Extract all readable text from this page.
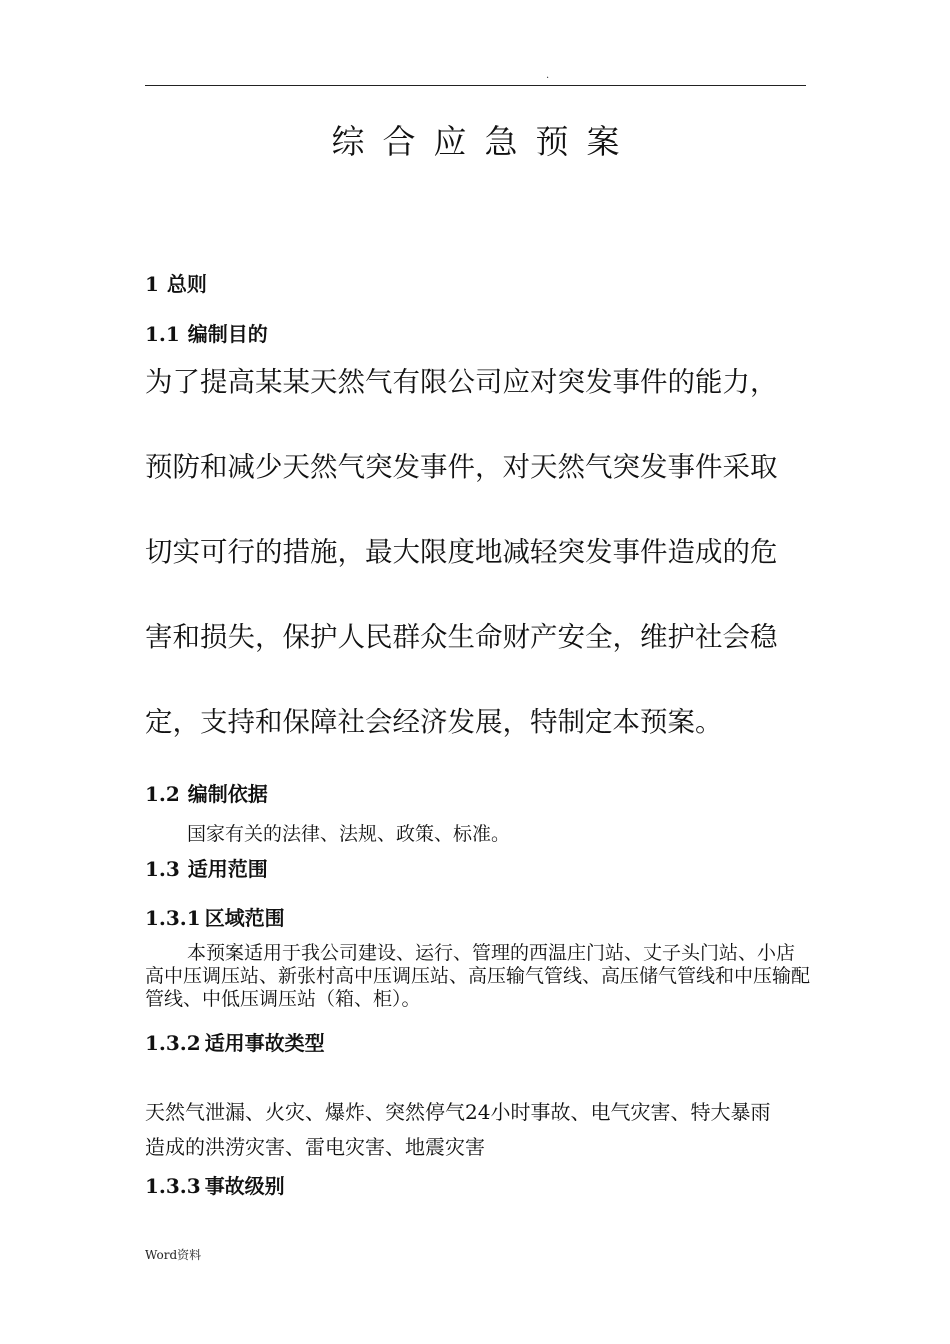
.
综合应急预案
1 总则
1.1 编制目的
为了提高某某天然气有限公司应对突发事件的能力，
预防和减少天然气突发事件，对天然气突发事件采取
切实可行的措施，最大限度地减轻突发事件造成的危
害和损失，保护人民群众生命财产安全，维护社会稳
定，支持和保障社会经济发展，特制定本预案。
1.2 编制依据
国家有关的法律、法规、政策、标准。
1.3 适用范围
1.3.1 区域范围

本预案适用于我公司建设、运行、管理的西温庄门站、丈子头门站、小店高中压调压站、新张村高中压调压站、高压输气管线、高压储气管线和中压输配管线、中低压调压站（箱、柜）。

1.3.2 适用事故类型
天然气泄漏、火灾、爆炸、突然停气24小时事故、电气灾害、特大暴雨
造成的洪涝灾害、雷电灾害、地震灾害
1.3.3 事故级别
Word资料
